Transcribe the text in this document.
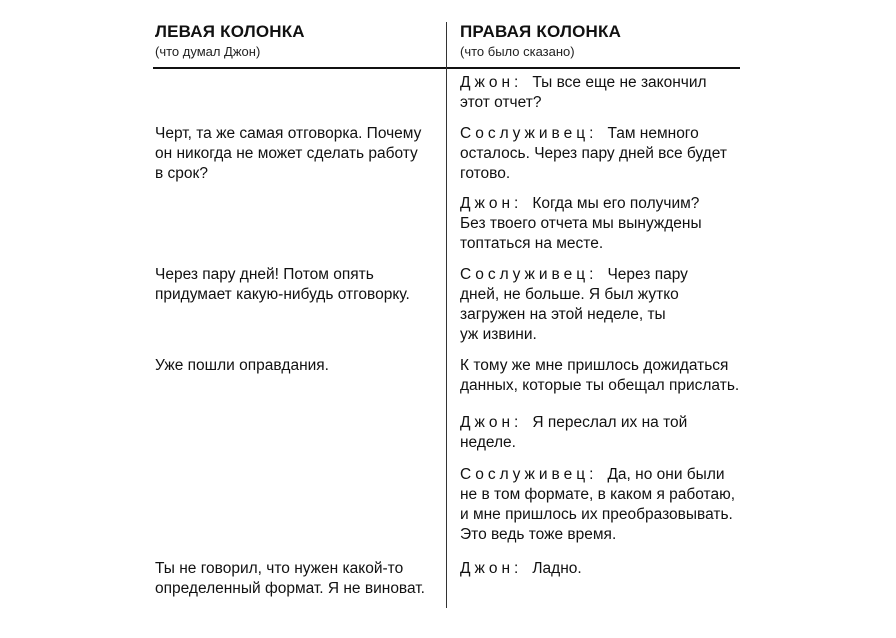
ЛЕВАЯ КОЛОНКА
(что думал Джон)
ПРАВАЯ КОЛОНКА
(что было сказано)
Черт, та же самая отговорка. Почему
он никогда не может сделать работу
в срок?
Через пару дней! Потом опять
придумает какую-нибудь отговорку.
Уже пошли оправдания.
Ты не говорил, что нужен какой-то
определенный формат. Я не виноват.
Джон: Ты все еще не закончил
этот отчет?
Сослуживец: Там немного
осталось. Через пару дней все будет
готово.
Джон: Когда мы его получим?
Без твоего отчета мы вынуждены
топтаться на месте.
Сослуживец: Через пару
дней, не больше. Я был жутко
загружен на этой неделе, ты
уж извини.
К тому же мне пришлось дожидаться
данных, которые ты обещал прислать.
Джон: Я переслал их на той
неделе.
Сослуживец: Да, но они были
не в том формате, в каком я работаю,
и мне пришлось их преобразовывать.
Это ведь тоже время.
Джон: Ладно.
